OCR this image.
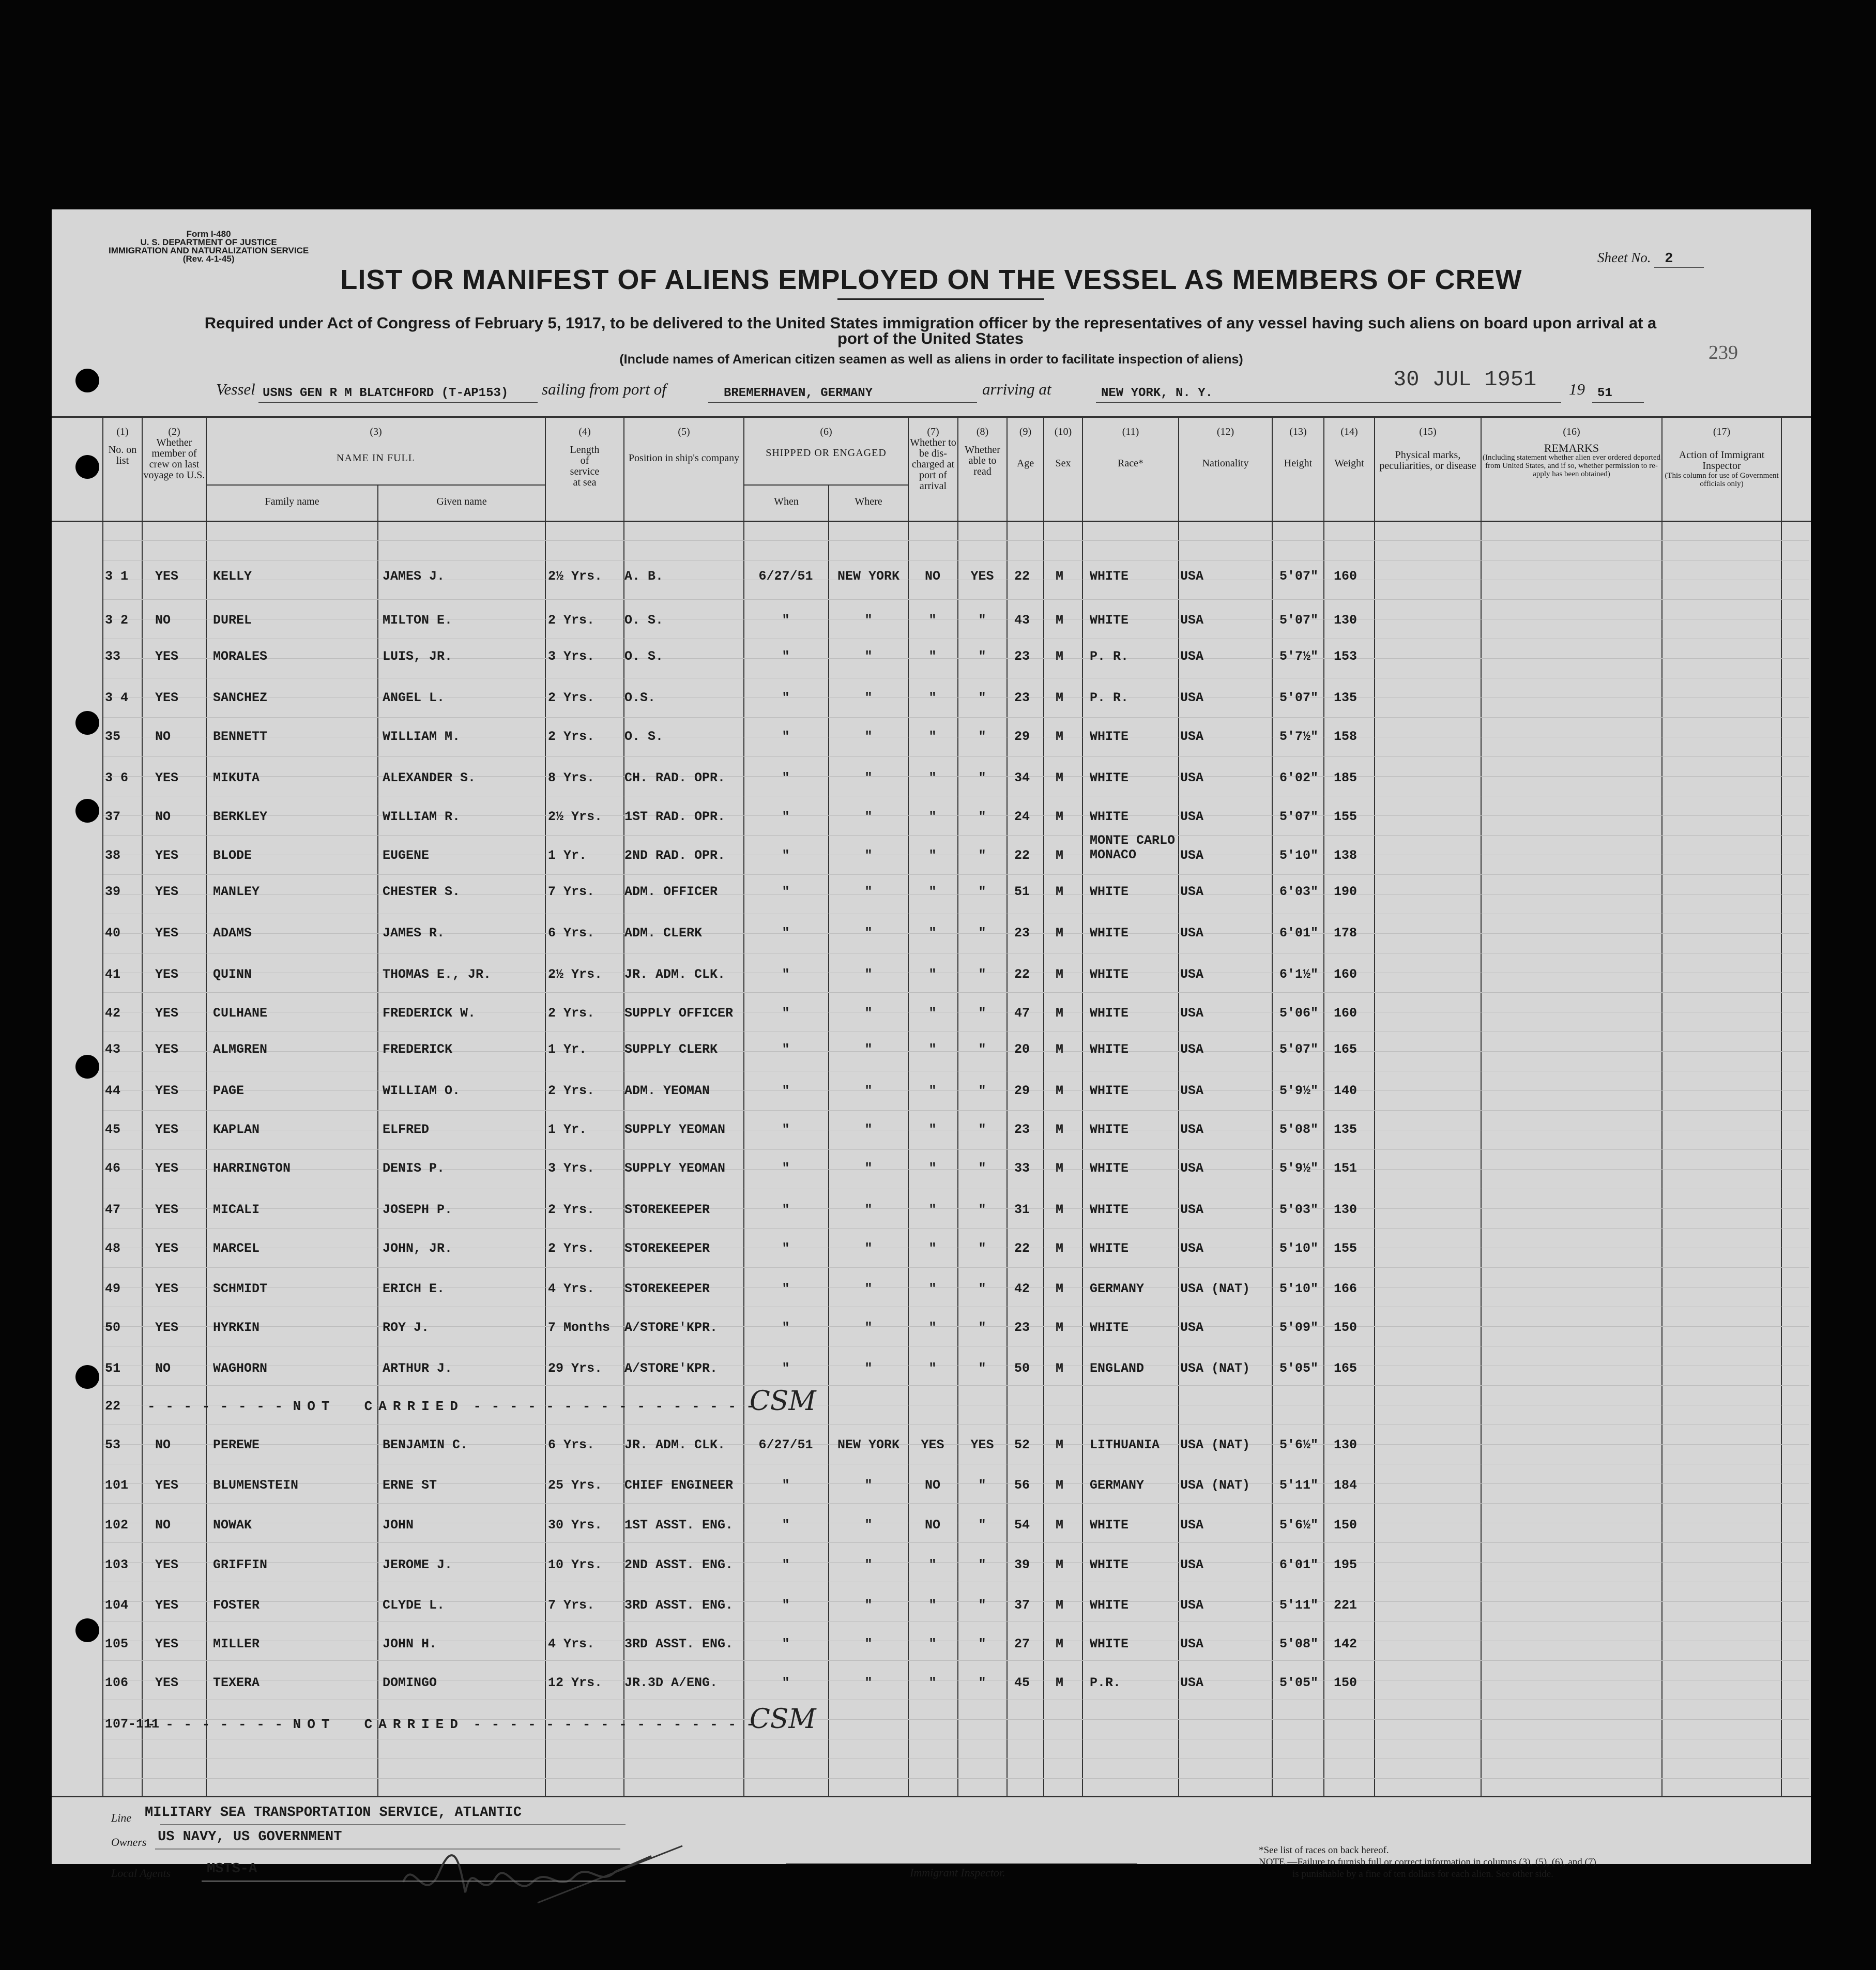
Form I-480
U. S. DEPARTMENT OF JUSTICE
IMMIGRATION AND NATURALIZATION SERVICE
(Rev. 4-1-45)	Sheet No. 2
LIST OR MANIFEST OF ALIENS EMPLOYED ON THE VESSEL AS MEMBERS OF CREW
Required under Act of Congress of February 5, 1917, to be delivered to the United States immigration officer by the representatives of any vessel having such aliens on board upon arrival at a
port of the United States
(Include names of American citizen seamen as well as aliens in order to facilitate inspection of aliens)	239
Vessel USNS GEN R M BLATCHFORD (T-AP153) sailing from port of	BREMERHAVEN, GERMANY	arriving at	NEW YORK, N. Y.
30 JUL 1951 19 51
(1)
No. on list
(2)
Whether member of crew on last voyage to U.S.
(3)
NAME IN FULL
Family name	Given name
(4)
Length of service at sea
(5)
Position in ship's company
(6)
SHIPPED OR ENGAGED
When	Where
(7)
Whether to be dis-charged at port of arrival
(8)
Whether able to read
(9)
Age
(10)
Sex
(11)
Race*
(12)
Nationality
(13)
Height
(14)
Weight
(15)
Physical marks, peculiarities, or disease
(16)
REMARKS
(Including statement whether alien ever ordered deported from United States, and if so, whether permission to re-apply has been obtained)
(17)
Action of Immigrant Inspector
(This column for use of Government officials only)
3 1 YES	KELLY	JAMES J.	2½ Yrs. A. B.	6/27/51	NEW YORK	NO	YES	22 M WHITE	USA	5'07" 160
3 2 NO	DUREL	MILTON E.	2 Yrs. O. S.	"	"	"	"	43 M WHITE	USA	5'07" 130
33	YES	MORALES	LUIS, JR.	3 Yrs. O. S.	"	"	"	"	23 M P. R.	USA	5'7½" 153
3 4 YES	SANCHEZ	ANGEL L.	2 Yrs. O.S.	"	"	"	"	23 M P. R.	USA	5'07" 135
35	NO	BENNETT	WILLIAM M.	2 Yrs. O. S.	"	"	"	"	29 M WHITE	USA	5'7½" 158
3 6 YES	MIKUTA	ALEXANDER S.	8 Yrs. CH. RAD. OPR.	"	"	"	"	34 M WHITE	USA	6'02" 185
37	NO	BERKLEY	WILLIAM R.	2½ Yrs. 1ST RAD. OPR.	"	"	"	"	24 M WHITE	USA	5'07" 155
38	YES	BLODE	EUGENE	1 Yr.	2ND RAD. OPR.	"	"	"	"	22 M
MONTE CARLO
MONACO	USA	5'10" 138
39	YES	MANLEY	CHESTER S.	7 Yrs. ADM. OFFICER	"	"	"	"	51 M WHITE	USA	6'03" 190
40	YES	ADAMS	JAMES R.	6 Yrs. ADM. CLERK	"	"	"	"	23 M WHITE	USA	6'01" 178
41	YES	QUINN	THOMAS E., JR.	2½ Yrs. JR. ADM. CLK.	"	"	"	"	22 M WHITE	USA	6'1½" 160
42	YES	CULHANE	FREDERICK W.	2 Yrs. SUPPLY OFFICER	"	"	"	"	47 M WHITE	USA	5'06" 160
43	YES	ALMGREN	FREDERICK	1 Yr.	SUPPLY CLERK	"	"	"	"	20 M WHITE	USA	5'07" 165
44	YES	PAGE	WILLIAM O.	2 Yrs. ADM. YEOMAN	"	"	"	"	29 M WHITE	USA	5'9½" 140
45	YES	KAPLAN	ELFRED	1 Yr.	SUPPLY YEOMAN	"	"	"	"	23 M WHITE	USA	5'08" 135
46	YES	HARRINGTON	DENIS P.	3 Yrs. SUPPLY YEOMAN	"	"	"	"	33 M WHITE	USA	5'9½" 151
47	YES	MICALI	JOSEPH P.	2 Yrs. STOREKEEPER	"	"	"	"	31 M WHITE	USA	5'03" 130
48	YES	MARCEL	JOHN, JR.	2 Yrs. STOREKEEPER	"	"	"	"	22 M WHITE	USA	5'10" 155
49	YES	SCHMIDT	ERICH E.	4 Yrs. STOREKEEPER	"	"	"	"	42 M GERMANY	USA (NAT) 5'10" 166
50	YES	HYRKIN	ROY J.	7 Months A/STORE'KPR.	"	"	"	"	23 M WHITE	USA	5'09" 150
51	NO	WAGHORN	ARTHUR J.	29 Yrs. A/STORE'KPR.	"	"	"	"	50 M ENGLAND	USA (NAT) 5'05" 165
22 - - - - - - - - NOT  CARRIED - - - - - - - - - - - - - - - -
CSM
53	NO	PEREWE	BENJAMIN C.	6 Yrs. JR. ADM. CLK.	6/27/51	NEW YORK	YES	YES	52 M LITHUANIA USA (NAT) 5'6½" 130
101 YES	BLUMENSTEIN	ERNE ST	25 Yrs. CHIEF ENGINEER	"	"	NO	"	56 M GERMANY	USA (NAT) 5'11" 184
102 NO	NOWAK	JOHN	30 Yrs. 1ST ASST. ENG.	"	"	NO	"	54 M WHITE	USA	5'6½" 150
103 YES	GRIFFIN	JEROME J.	10 Yrs. 2ND ASST. ENG.	"	"	"	"	39 M WHITE	USA	6'01" 195
104 YES	FOSTER	CLYDE L.	7 Yrs. 3RD ASST. ENG.	"	"	"	"	37 M WHITE	USA	5'11" 221
105 YES	MILLER	JOHN H.	4 Yrs. 3RD ASST. ENG.	"	"	"	"	27 M WHITE	USA	5'08" 142
106 YES	TEXERA	DOMINGO	12 Yrs. JR.3D A/ENG.	"	"	"	"	45 M P.R.	USA	5'05" 150
107-111
- - - - - - - - NOT  CARRIED - - - - - - - - - - - - - - - -
CSM
Line MILITARY SEA TRANSPORTATION SERVICE, ATLANTIC
Owners US NAVY, US GOVERNMENT
Local Agents	MSTS-A	Immigrant Inspector.
*See list of races on back hereof.
NOTE.—Failure to furnish full or correct information in columns (3), (5), (6), and (7)
is punishable by a fine of ten dollars for each alien. See other side.
